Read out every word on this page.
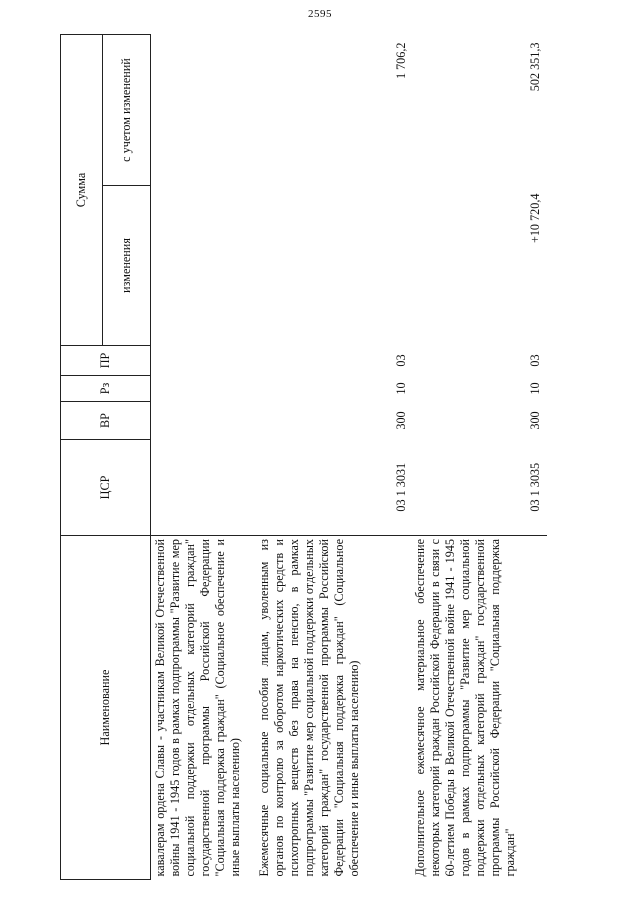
2595
Наименование	ЦСР	ВР	Рз	ПР	Сумма	
					изменения	с учетом изменений
кавалерам ордена Славы - участникам Великой Отечественной войны 1941 - 1945 годов в рамках подпрограммы "Развитие мер социальной поддержки отдельных категорий граждан" государственной программы Российской Федерации "Социальная поддержка граждан" (Социальное обеспечение и иные выплаты населению)						
Ежемесячные социальные пособия лицам, уволенным из органов по контролю за оборотом наркотических средств и психотропных веществ без права на пенсию, в рамках подпрограммы "Развитие мер социальной поддержки отдельных категорий граждан" государственной программы Российской Федерации "Социальная поддержка граждан" (Социальное обеспечение и иные выплаты населению)	03 1 3031	300	10	03		1 706,2
Дополнительное ежемесячное материальное обеспечение некоторых категорий граждан Российской Федерации в связи с 60-летием Победы в Великой Отечественной войне 1941 - 1945 годов в рамках подпрограммы "Развитие мер социальной поддержки отдельных категорий граждан" государственной программы Российской Федерации "Социальная поддержка граждан"	03 1 3035	300	10	03	+10 720,4	502 351,3
